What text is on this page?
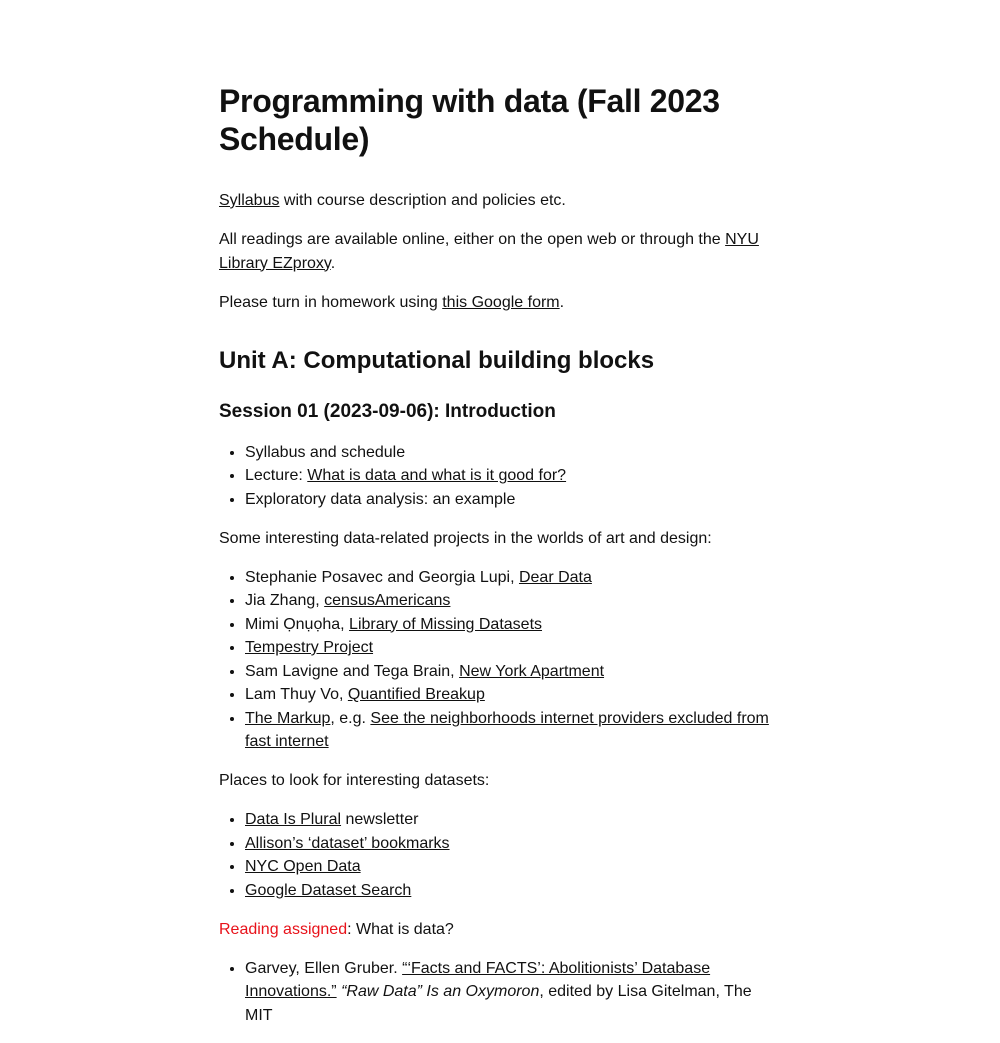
Programming with data (Fall 2023 Schedule)

Syllabus with course description and policies etc.

All readings are available online, either on the open web or through the NYU Library EZproxy.

Please turn in homework using this Google form.

Unit A: Computational building blocks
Session 01 (2023-09-06): Introduction
• Syllabus and schedule
• Lecture: What is data and what is it good for?
• Exploratory data analysis: an example

Some interesting data-related projects in the worlds of art and design:

• Stephanie Posavec and Georgia Lupi, Dear Data
• Jia Zhang, censusAmericans
• Mimi Ọnụọha, Library of Missing Datasets
• Tempestry Project
• Sam Lavigne and Tega Brain, New York Apartment
• Lam Thuy Vo, Quantified Breakup
• The Markup, e.g. See the neighborhoods internet providers excluded from fast internet

Places to look for interesting datasets:

• Data Is Plural newsletter
• Allison’s ‘dataset’ bookmarks
• NYC Open Data
• Google Dataset Search

Reading assigned: What is data?

• Garvey, Ellen Gruber. “‘Facts and FACTS’: Abolitionists’ Database Innovations.” “Raw Data” Is an Oxymoron, edited by Lisa Gitelman, The MIT
